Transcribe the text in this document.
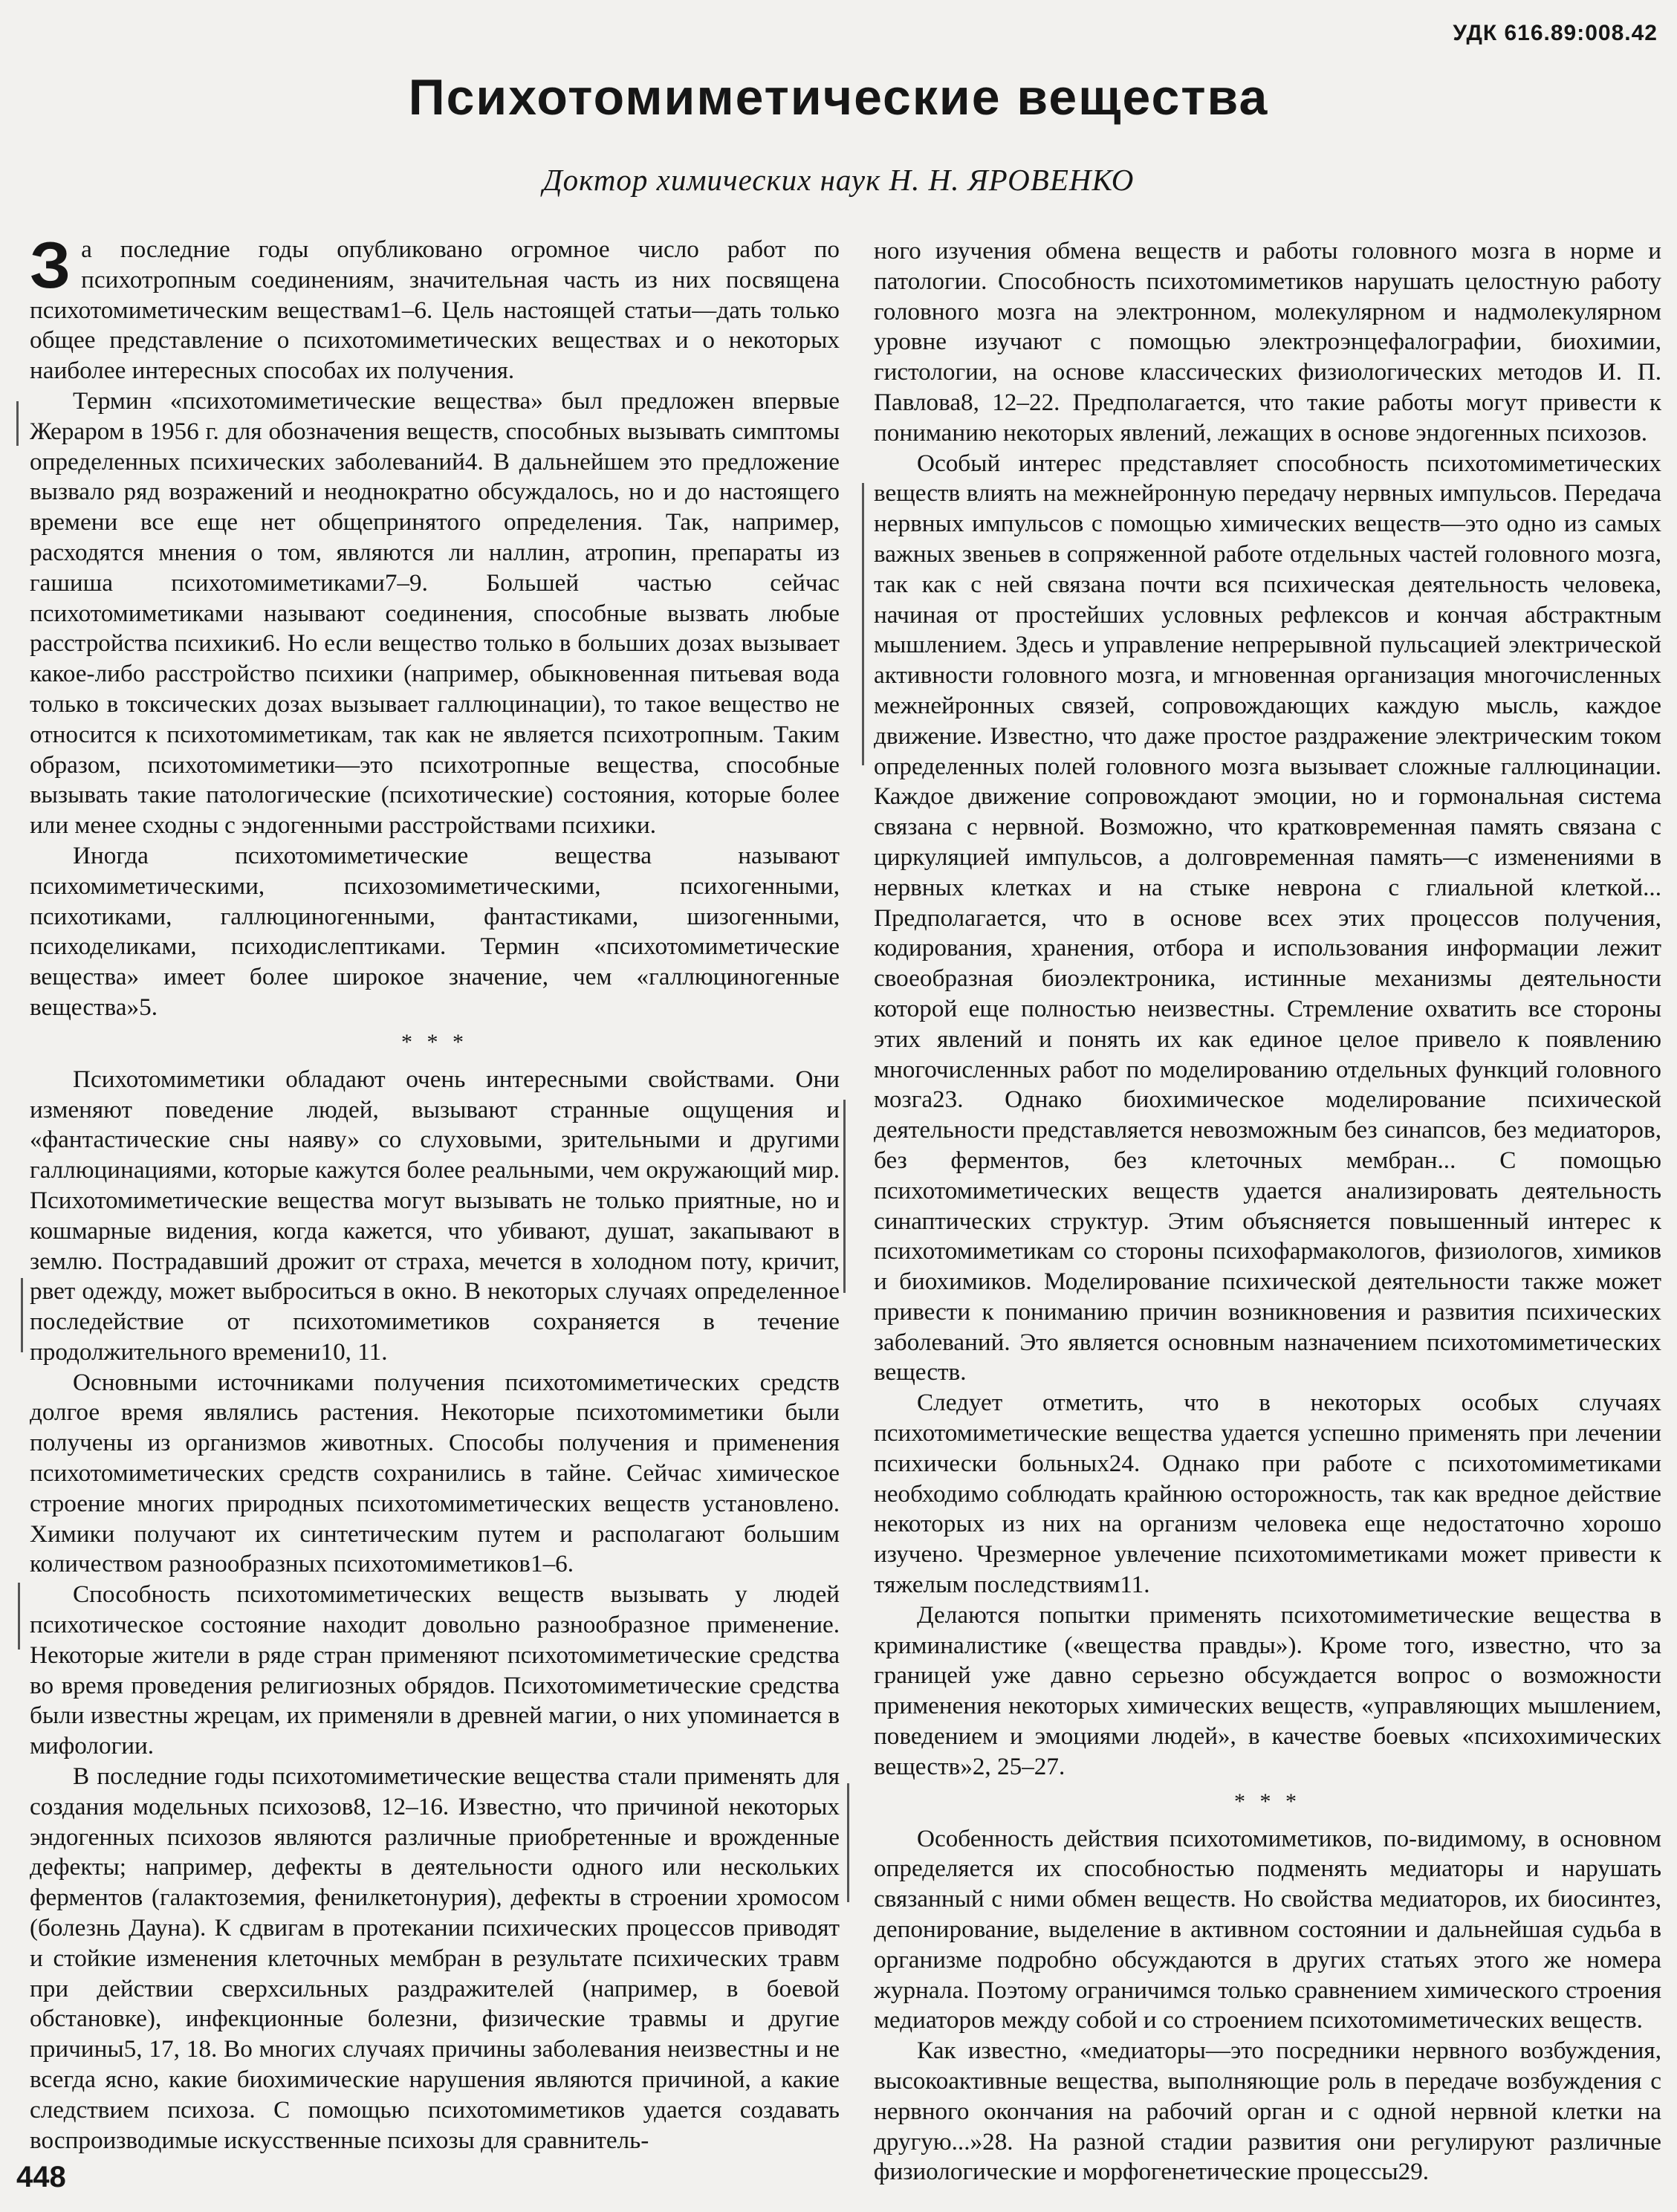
УДК 616.89:008.42
Психотомиметические вещества
Доктор химических наук Н. Н. ЯРОВЕНКО

За последние годы опубликовано огромное число работ по психотропным соединениям, значительная часть из них посвящена психотомиметическим веществам1–6. Цель настоящей статьи—дать только общее представление о психотомиметических веществах и о некоторых наиболее интересных способах их получения.

Термин «психотомиметические вещества» был предложен впервые Жераром в 1956 г. для обозначения веществ, способных вызывать симптомы определенных психических заболеваний4. В дальнейшем это предложение вызвало ряд возражений и неоднократно обсуждалось, но и до настоящего времени все еще нет общепринятого определения. Так, например, расходятся мнения о том, являются ли наллин, атропин, препараты из гашиша психотомиметиками7–9. Большей частью сейчас психотомиметиками называют соединения, способные вызвать любые расстройства психики6. Но если вещество только в больших дозах вызывает какое-либо расстройство психики (например, обыкновенная питьевая вода только в токсических дозах вызывает галлюцинации), то такое вещество не относится к психотомиметикам, так как не является психотропным. Таким образом, психотомиметики—это психотропные вещества, способные вызывать такие патологические (психотические) состояния, которые более или менее сходны с эндогенными расстройствами психики.

Иногда психотомиметические вещества называют психомиметическими, психозомиметическими, психогенными, психотиками, галлюциногенными, фантастиками, шизогенными, психоделиками, психодислептиками. Термин «психотомиметические вещества» имеет более широкое значение, чем «галлюциногенные вещества»5.

* * *

Психотомиметики обладают очень интересными свойствами. Они изменяют поведение людей, вызывают странные ощущения и «фантастические сны наяву» со слуховыми, зрительными и другими галлюцинациями, которые кажутся более реальными, чем окружающий мир. Психотомиметические вещества могут вызывать не только приятные, но и кошмарные видения, когда кажется, что убивают, душат, закапывают в землю. Пострадавший дрожит от страха, мечется в холодном поту, кричит, рвет одежду, может выброситься в окно. В некоторых случаях определенное последействие от психотомиметиков сохраняется в течение продолжительного времени10, 11.

Основными источниками получения психотомиметических средств долгое время являлись растения. Некоторые психотомиметики были получены из организмов животных. Способы получения и применения психотомиметических средств сохранились в тайне. Сейчас химическое строение многих природных психотомиметических веществ установлено. Химики получают их синтетическим путем и располагают большим количеством разнообразных психотомиметиков1–6.

Способность психотомиметических веществ вызывать у людей психотическое состояние находит довольно разнообразное применение. Некоторые жители в ряде стран применяют психотомиметические средства во время проведения религиозных обрядов. Психотомиметические средства были известны жрецам, их применяли в древней магии, о них упоминается в мифологии.

В последние годы психотомиметические вещества стали применять для создания модельных психозов8, 12–16. Известно, что причиной некоторых эндогенных психозов являются различные приобретенные и врожденные дефекты; например, дефекты в деятельности одного или нескольких ферментов (галактоземия, фенилкетонурия), дефекты в строении хромосом (болезнь Дауна). К сдвигам в протекании психических процессов приводят и стойкие изменения клеточных мембран в результате психических травм при действии сверхсильных раздражителей (например, в боевой обстановке), инфекционные болезни, физические травмы и другие причины5, 17, 18. Во многих случаях причины заболевания неизвестны и не всегда ясно, какие биохимические нарушения являются причиной, а какие следствием психоза. С помощью психотомиметиков удается создавать воспроизводимые искусственные психозы для сравнитель-

ного изучения обмена веществ и работы головного мозга в норме и патологии. Способность психотомиметиков нарушать целостную работу головного мозга на электронном, молекулярном и надмолекулярном уровне изучают с помощью электроэнцефалографии, биохимии, гистологии, на основе классических физиологических методов И. П. Павлова8, 12–22. Предполагается, что такие работы могут привести к пониманию некоторых явлений, лежащих в основе эндогенных психозов.

Особый интерес представляет способность психотомиметических веществ влиять на межнейронную передачу нервных импульсов. Передача нервных импульсов с помощью химических веществ—это одно из самых важных звеньев в сопряженной работе отдельных частей головного мозга, так как с ней связана почти вся психическая деятельность человека, начиная от простейших условных рефлексов и кончая абстрактным мышлением. Здесь и управление непрерывной пульсацией электрической активности головного мозга, и мгновенная организация многочисленных межнейронных связей, сопровождающих каждую мысль, каждое движение. Известно, что даже простое раздражение электрическим током определенных полей головного мозга вызывает сложные галлюцинации. Каждое движение сопровождают эмоции, но и гормональная система связана с нервной. Возможно, что кратковременная память связана с циркуляцией импульсов, а долговременная память—с изменениями в нервных клетках и на стыке неврона с глиальной клеткой... Предполагается, что в основе всех этих процессов получения, кодирования, хранения, отбора и использования информации лежит своеобразная биоэлектроника, истинные механизмы деятельности которой еще полностью неизвестны. Стремление охватить все стороны этих явлений и понять их как единое целое привело к появлению многочисленных работ по моделированию отдельных функций головного мозга23. Однако биохимическое моделирование психической деятельности представляется невозможным без синапсов, без медиаторов, без ферментов, без клеточных мембран... С помощью психотомиметических веществ удается анализировать деятельность синаптических структур. Этим объясняется повышенный интерес к психотомиметикам со стороны психофармакологов, физиологов, химиков и биохимиков. Моделирование психической деятельности также может привести к пониманию причин возникновения и развития психических заболеваний. Это является основным назначением психотомиметических веществ.

Следует отметить, что в некоторых особых случаях психотомиметические вещества удается успешно применять при лечении психически больных24. Однако при работе с психотомиметиками необходимо соблюдать крайнюю осторожность, так как вредное действие некоторых из них на организм человека еще недостаточно хорошо изучено. Чрезмерное увлечение психотомиметиками может привести к тяжелым последствиям11.

Делаются попытки применять психотомиметические вещества в криминалистике («вещества правды»). Кроме того, известно, что за границей уже давно серьезно обсуждается вопрос о возможности применения некоторых химических веществ, «управляющих мышлением, поведением и эмоциями людей», в качестве боевых «психохимических веществ»2, 25–27.

* * *

Особенность действия психотомиметиков, по-видимому, в основном определяется их способностью подменять медиаторы и нарушать связанный с ними обмен веществ. Но свойства медиаторов, их биосинтез, депонирование, выделение в активном состоянии и дальнейшая судьба в организме подробно обсуждаются в других статьях этого же номера журнала. Поэтому ограничимся только сравнением химического строения медиаторов между собой и со строением психотомиметических веществ.

Как известно, «медиаторы—это посредники нервного возбуждения, высокоактивные вещества, выполняющие роль в передаче возбуждения с нервного окончания на рабочий орган и с одной нервной клетки на другую...»28. На разной стадии развития они регулируют различные физиологические и морфогенетические процессы29.

448
